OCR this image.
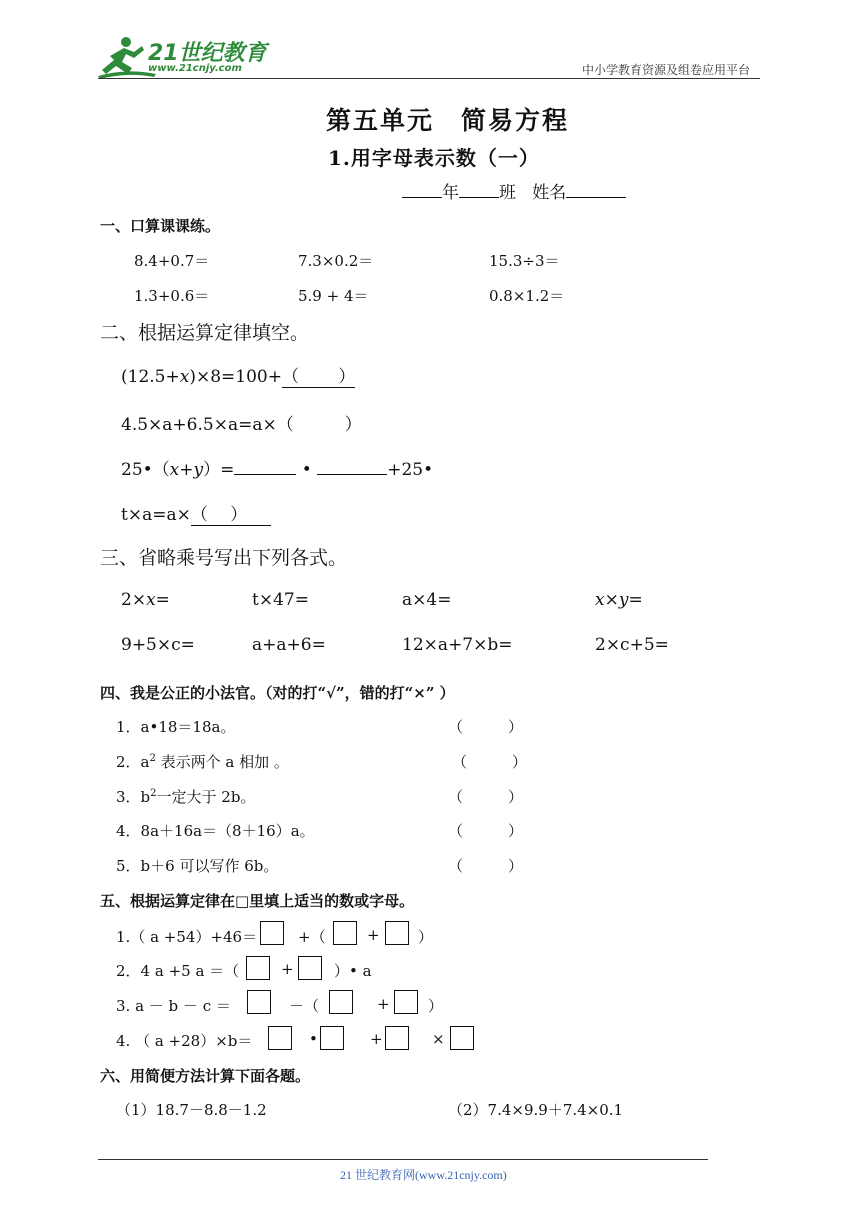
21世纪教育
www.21cnjy.com	中小学教育资源及组卷应用平台
第五单元　简易方程
1.用字母表示数（一）
年 班 姓名
一、口算课课练。
8.4+0.7＝	7.3×0.2＝	15.3÷3＝
1.3+0.6＝	5.9 + 4＝	0.8×1.2＝
二、根据运算定律填空。
(12.5+x)×8=100+（　　 ）
4.5×a+6.5×a=a×（　　　）
25•（x+y）=	•	+25•
t×a=a×（　 ）
三、省略乘号写出下列各式。
2×x=	t×47=	a×4=	x×y=
9+5×c=	a+a+6=	12×a+7×b=	2×c+5=
四、我是公正的小法官。（对的打“√”，错的打“×” ）
1．a•18＝18a。	（　　　）
2．$a^2$ 表示两个 a 相加 。	（　　　）
3．$b^2$一定大于 2b。	（　　　）
4．8a＋16a＝（8＋16）a。	（　　　）
5．b＋6 可以写作 6b。	（　　　）
五、根据运算定律在□里填上适当的数或字母。
1.（ a +54）+46＝	+（	+	）
2．4 a +5 a ＝（	+	）• a
3. a － b － c ＝	－（	+	）
4. （ a +28）×b＝	•	+	×
六、用简便方法计算下面各题。
（1）18.7－8.8－1.2	（2）7.4×9.9＋7.4×0.1
21 世纪教育网(www.21cnjy.com)
